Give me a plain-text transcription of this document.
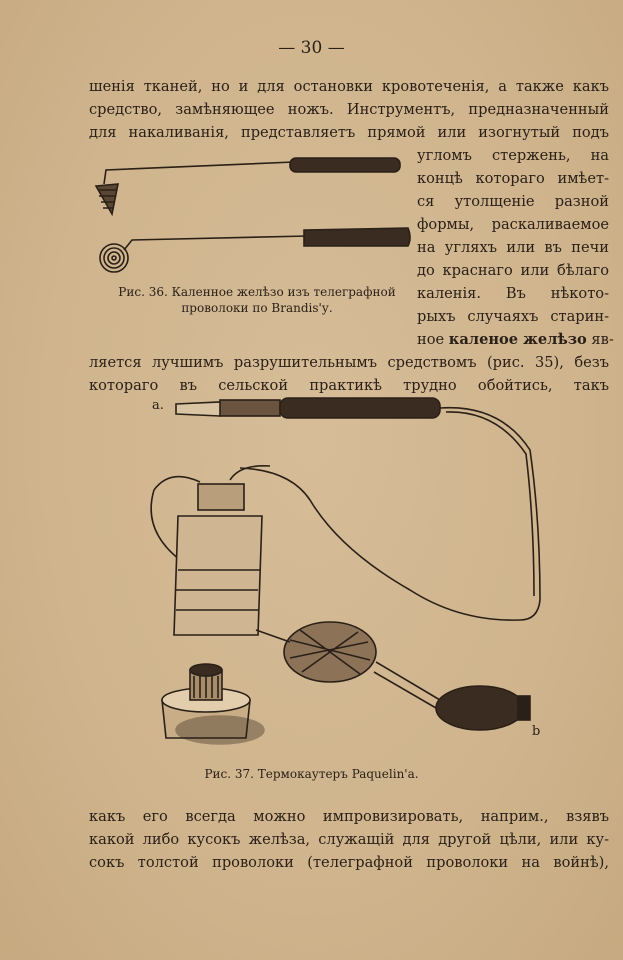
— 30 —
шенія тканей, но и для остановки кровотеченія, а также какъ
средство, замѣняющее ножъ. Инструментъ, предназначенный
для накаливанія, представляетъ прямой или изогнутый подъ
угломъ стержень, на
концѣ котораго имѣет-
ся утолщеніе разной
формы, раскаливаемое
на угляхъ или въ печи
до краснаго или бѣлаго
каленія. Въ нѣкото-
рыхъ случаяхъ старин-
ное каленое желѣзо яв-
ляется лучшимъ разрушительнымъ средствомъ (рис. 35), безъ
котораго въ сельской практикѣ трудно обойтись, такъ
Рис. 36. Каленное желѣзо изъ телеграфной
проволоки по Brandis'у.
a.
b
Рис. 37. Термокаутеръ Paquelin'a.
какъ его всегда можно импровизировать, наприм., взявъ
какой либо кусокъ желѣза, служащій для другой цѣли, или ку-
сокъ толстой проволоки (телеграфной проволоки на войнѣ),
